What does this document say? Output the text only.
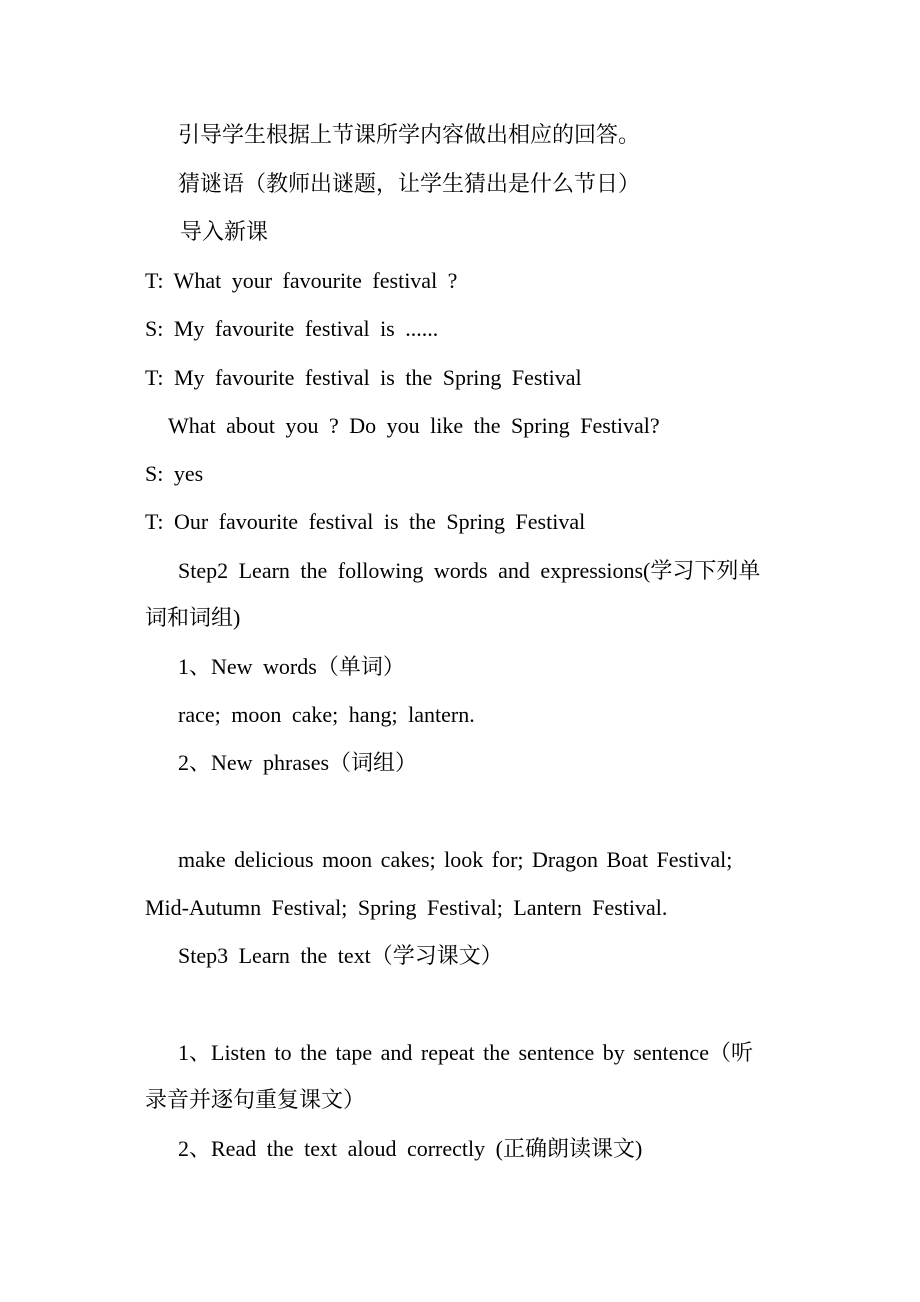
引导学生根据上节课所学内容做出相应的回答。
猜谜语（教师出谜题，让学生猜出是什么节日）
导入新课
T: What your favourite festival ?
S: My favourite festival is ......
T: My favourite festival is the Spring Festival
What about you ? Do you like the Spring Festival?
S: yes
T: Our favourite festival is the Spring Festival
Step2 Learn the following words and expressions(学习下列单
词和词组)
1、New words（单词）
race; moon cake; hang; lantern.
2、New phrases（词组）
make delicious moon cakes; look for; Dragon Boat Festival;
Mid-Autumn Festival; Spring Festival; Lantern Festival.
Step3 Learn the text（学习课文）
1、Listen to the tape and repeat the sentence by sentence（听
录音并逐句重复课文）
2、Read the text aloud correctly (正确朗读课文)
